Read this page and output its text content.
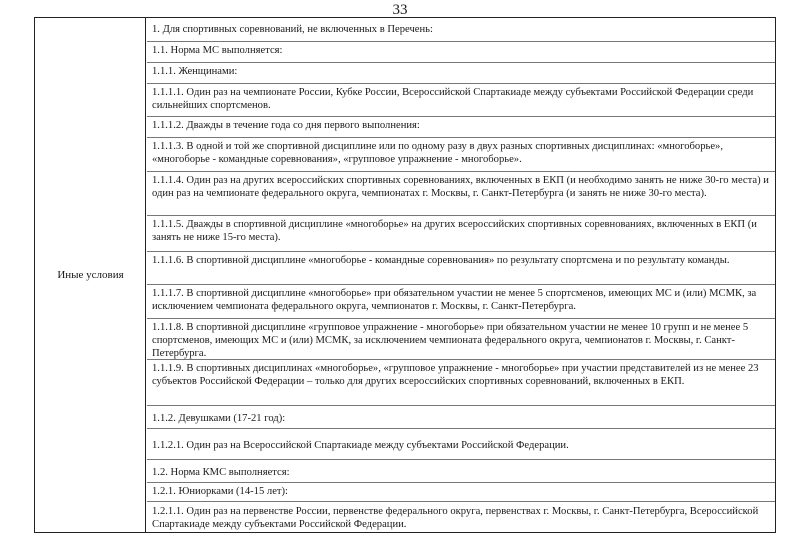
33
Иные условия
1. Для спортивных соревнований, не включенных в Перечень:
1.1. Норма МС выполняется:
1.1.1. Женщинами:
1.1.1.1. Один раз на чемпионате России, Кубке России, Всероссийской Спартакиаде между субъектами Российской Федерации среди сильнейших спортсменов.
1.1.1.2. Дважды в течение года со дня первого выполнения:
1.1.1.3. В одной и той же спортивной дисциплине или по одному разу в двух разных спортивных дисциплинах: «многоборье», «многоборье - командные соревнования», «групповое упражнение - многоборье».
1.1.1.4. Один раз на других всероссийских спортивных соревнованиях, включенных в ЕКП (и необходимо занять не ниже 30-го места) и один раз на чемпионате федерального округа, чемпионатах г. Москвы, г. Санкт-Петербурга (и занять не ниже 30-го места).
1.1.1.5. Дважды в спортивной дисциплине «многоборье» на других всероссийских спортивных соревнованиях, включенных в ЕКП (и занять не ниже 15-го места).
1.1.1.6. В спортивной дисциплине «многоборье - командные соревнования» по результату спортсмена и по результату команды.
1.1.1.7. В спортивной дисциплине «многоборье» при обязательном участии не менее 5 спортсменов, имеющих МС и (или) МСМК, за исключением чемпионата федерального округа, чемпионатов г. Москвы, г. Санкт-Петербурга.
1.1.1.8. В спортивной дисциплине «групповое упражнение - многоборье» при обязательном участии не менее 10 групп и не менее 5 спортсменов, имеющих МС и (или) МСМК, за исключением чемпионата федерального округа, чемпионатов г. Москвы, г. Санкт-Петербурга.
1.1.1.9. В спортивных дисциплинах «многоборье», «групповое упражнение - многоборье» при участии представителей из не менее 23 субъектов Российской Федерации – только для других всероссийских спортивных соревнований, включенных в ЕКП.
1.1.2. Девушками (17-21 год):
1.1.2.1. Один раз на Всероссийской Спартакиаде между субъектами Российской Федерации.
1.2. Норма КМС выполняется:
1.2.1. Юниорками (14-15 лет):
1.2.1.1. Один раз на первенстве России, первенстве федерального округа, первенствах г. Москвы, г. Санкт-Петербурга, Всероссийской Спартакиаде между субъектами Российской Федерации.
